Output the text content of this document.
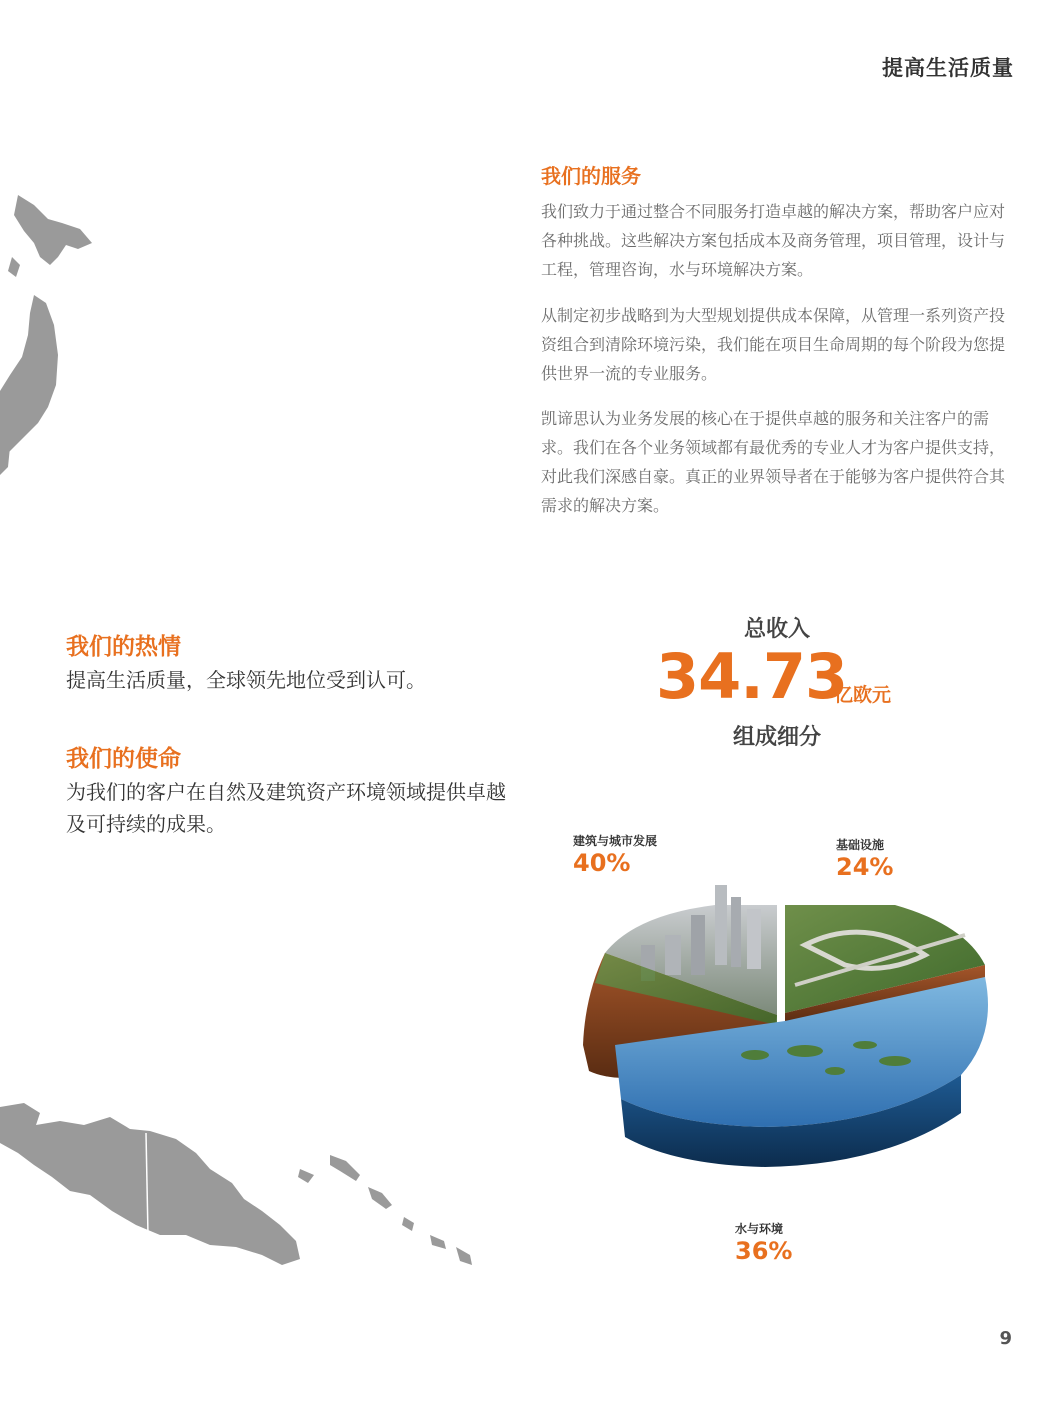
提高生活质量
我们的服务
我们致力于通过整合不同服务打造卓越的解决方案，帮助客户应对各种挑战。这些解决方案包括成本及商务管理，项目管理，设计与工程，管理咨询，水与环境解决方案。
从制定初步战略到为大型规划提供成本保障，从管理一系列资产投资组合到清除环境污染，我们能在项目生命周期的每个阶段为您提供世界一流的专业服务。
凯谛思认为业务发展的核心在于提供卓越的服务和关注客户的需求。我们在各个业务领域都有最优秀的专业人才为客户提供支持，对此我们深感自豪。真正的业界领导者在于能够为客户提供符合其需求的解决方案。
我们的热情
提高生活质量，全球领先地位受到认可。
我们的使命
为我们的客户在自然及建筑资产环境领域提供卓越及可持续的成果。
总收入
34.73
亿欧元
组成细分
建筑与城市发展
40%
基础设施
24%
水与环境
36%
9
